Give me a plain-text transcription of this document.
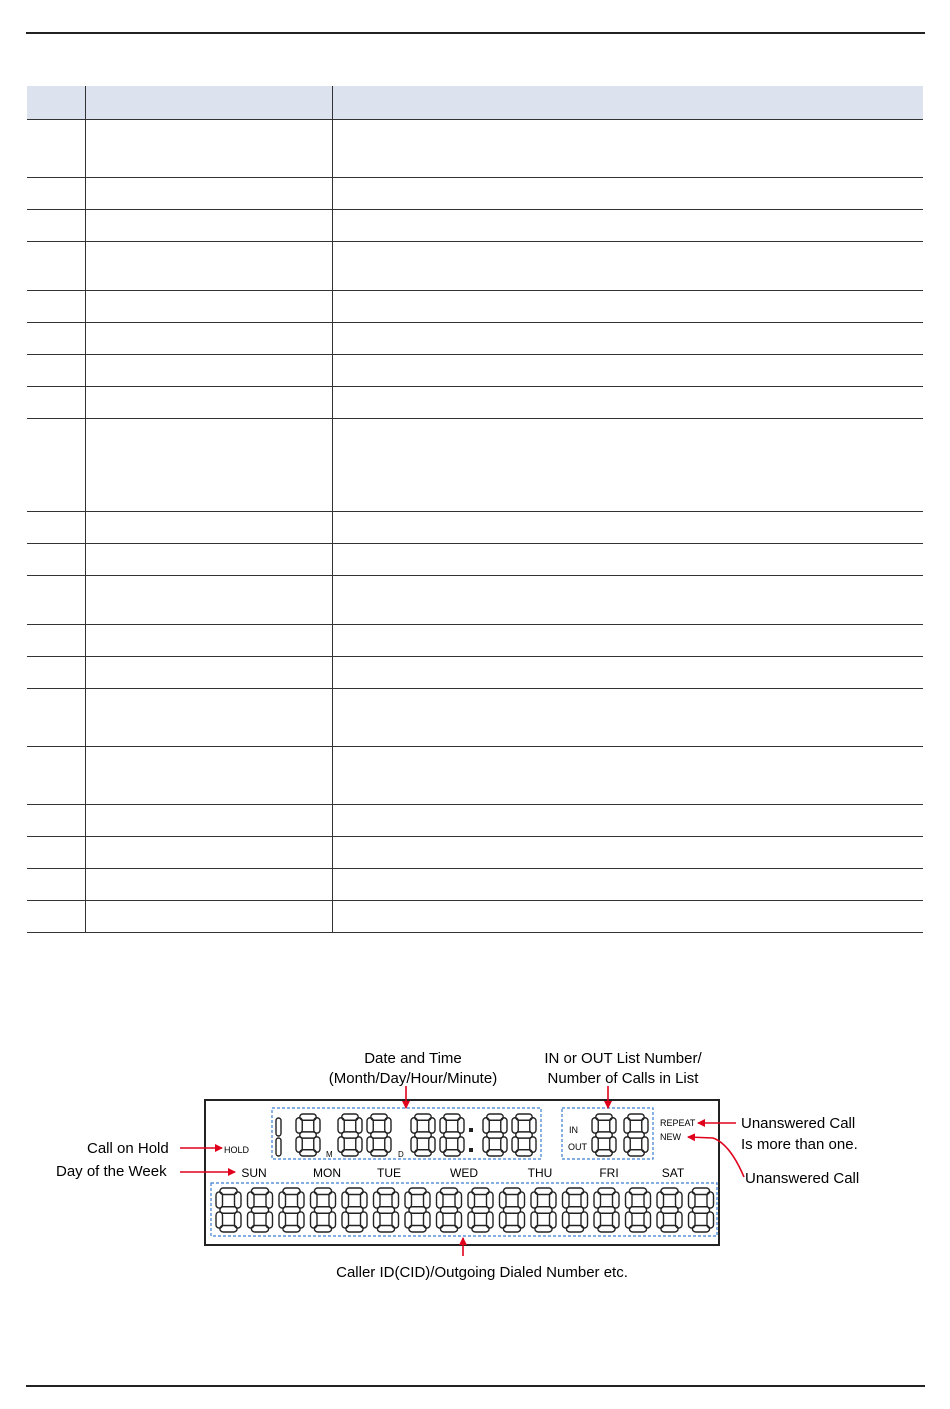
Date and Time
(Month/Day/Hour/Minute)
IN or OUT List Number/
Number of Calls in List
Call on Hold
Day of the Week
Unanswered Call
Is more than one.
Unanswered Call
Caller ID(CID)/Outgoing Dialed Number etc.
HOLD	M	D
IN
OUT
REPEAT
NEW
SUN	MON	TUE	WED	THU	FRI	SAT
